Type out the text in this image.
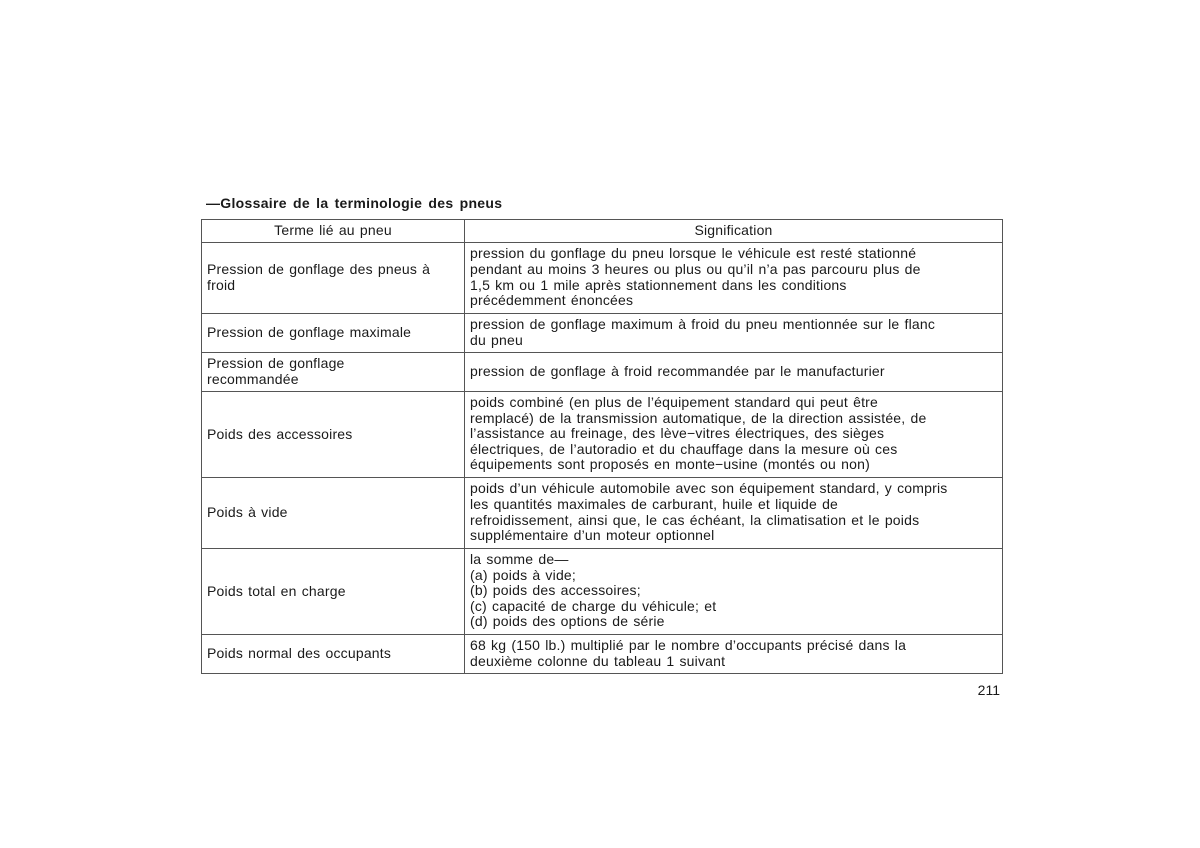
—Glossaire de la terminologie des pneus
Terme lié au pneu	Signification

Pression de gonflage des pneus à
froid	pression du gonflage du pneu lorsque le véhicule est resté stationné
pendant au moins 3 heures ou plus ou qu’il n’a pas parcouru plus de
1,5 km ou 1 mile après stationnement dans les conditions
précédemment énoncées

Pression de gonflage maximale	pression de gonflage maximum à froid du pneu mentionnée sur le flanc
du pneu

Pression de gonflage
recommandée	pression de gonflage à froid recommandée par le manufacturier

Poids des accessoires	poids combiné (en plus de l’équipement standard qui peut être
remplacé) de la transmission automatique, de la direction assistée, de
l’assistance au freinage, des lève−vitres électriques, des sièges
électriques, de l’autoradio et du chauffage dans la mesure où ces
équipements sont proposés en monte−usine (montés ou non)

Poids à vide	poids d’un véhicule automobile avec son équipement standard, y compris
les quantités maximales de carburant, huile et liquide de
refroidissement, ainsi que, le cas échéant, la climatisation et le poids
supplémentaire d’un moteur optionnel

Poids total en charge	la somme de—
(a) poids à vide;
(b) poids des accessoires;
(c) capacité de charge du véhicule; et
(d) poids des options de série

Poids normal des occupants	68 kg (150 lb.) multiplié par le nombre d’occupants précisé dans la
deuxième colonne du tableau 1 suivant
211
